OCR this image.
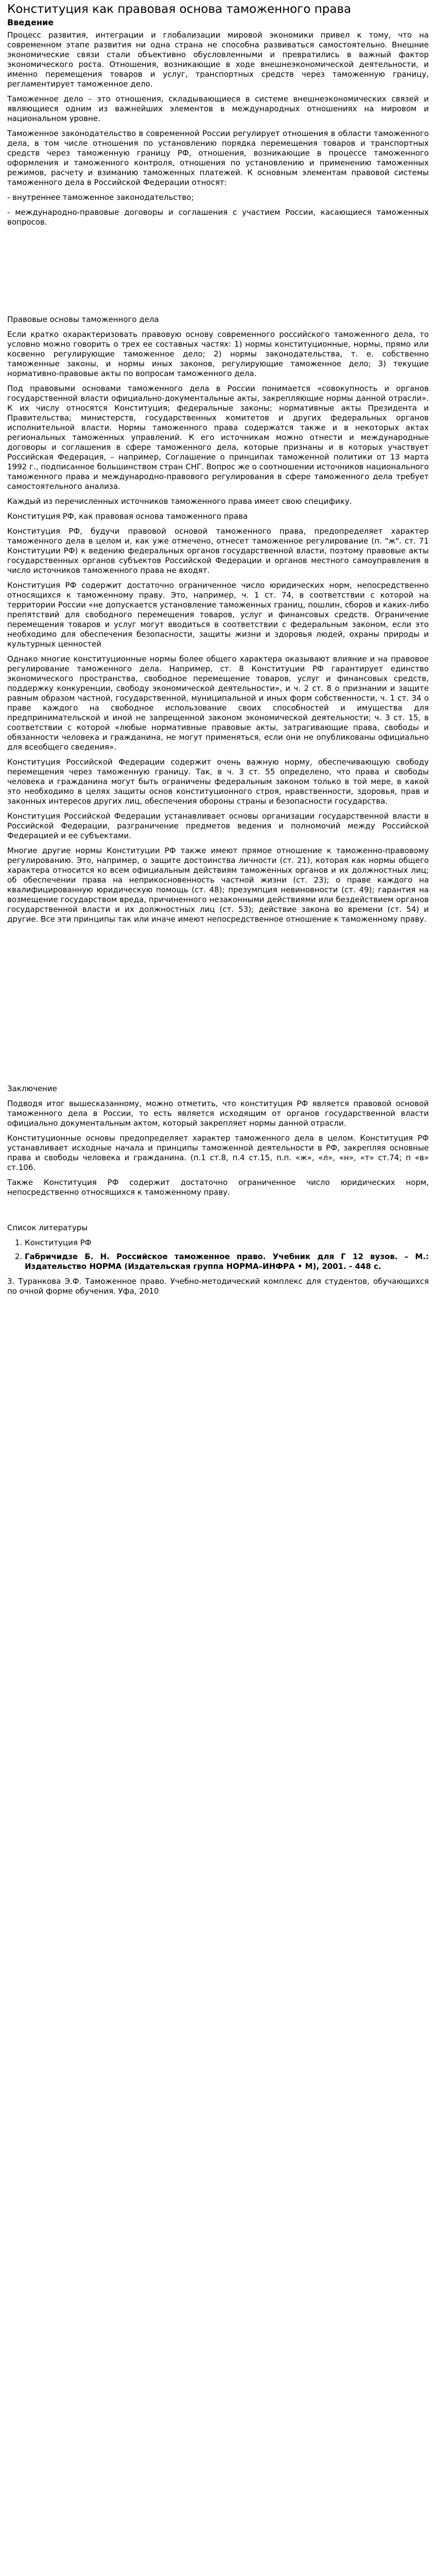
Конституция как правовая основа таможенного права
Введение

Процесс развития, интеграции и глобализации мировой экономики привел к тому, что на современном этапе развития ни одна страна не способна развиваться самостоятельно. Внешние экономические связи стали объективно обусловленными и превратились в важный фактор экономического роста. Отношения, возникающие в ходе внешнеэкономической деятельности, и именно перемещения товаров и услуг, транспортных средств через таможенную границу, регламентирует таможенное дело.

Таможенное дело – это отношения, складывающиеся в системе внешнеэкономических связей и являющиеся одним из важнейших элементов в международных отношениях на мировом и национальном уровне.

Таможенное законодательство в современной России регулирует отношения в области таможенного дела, в том числе отношения по установлению порядка перемещения товаров и транспортных средств через таможенную границу РФ, отношения, возникающие в процессе таможенного оформления и таможенного контроля, отношения по установлению и применению таможенных режимов, расчету и взиманию таможенных платежей. К основным элементам правовой системы таможенного дела в Российской Федерации относят:

- внутреннее таможенное законодательство;

- международно-правовые договоры и соглашения с участием России, касающиеся таможенных вопросов.

Правовые основы таможенного дела

Если кратко охарактеризовать правовую основу современного российского таможенного дела, то условно можно говорить о трех ее составных частях: 1) нормы конституционные, нормы, прямо или косвенно регулирующие таможенное дело; 2) нормы законодательства, т. е. собственно таможенные законы, и нормы иных законов, регулирующие таможенное дело; 3) текущие нормативно-правовые акты по вопросам таможенного дела.

Под правовыми основами таможенного дела в России понимается «совокупность и органов государственной власти официально-документальные акты, закрепляющие нормы данной отрасли». К их числу относятся Конституция; федеральные законы; нормативные акты Президента и Правительства; министерств, государственных комитетов и других федеральных органов исполнительной власти. Нормы таможенного права содержатся также и в некоторых актах региональных таможенных управлений. К его источникам можно отнести и международные договоры и соглашения в сфере таможенного дела, которые признаны и в которых участвует Российская Федерация, – например, Соглашение о принципах таможенной политики от 13 марта 1992 г., подписанное большинством стран СНГ. Вопрос же о соотношении источников национального таможенного права и международно-правового регулирования в сфере таможенного дела требует самостоятельного анализа.

Каждый из перечисленных источников таможенного права имеет свою специфику.

Конституция РФ, как правовая основа таможенного права

Конституция РФ, будучи правовой основой таможенного права, предопределяет характер таможенного дела в целом и, как уже отмечено, отнесет таможенное регулирование (п. "ж". ст. 71 Конституции РФ) к ведению федеральных органов государственной власти, поэтому правовые акты государственных органов субъектов Российской Федерации и органов местного самоуправления в число источников таможенного права не входят.

Конституция РФ содержит достаточно ограниченное число юридических норм, непосредственно относящихся к таможенному праву. Это, например, ч. 1 ст. 74, в соответствии с которой на территории России «не допускается установление таможенных границ, пошлин, сборов и каких-либо препятствий для свободного перемещения товаров, услуг и финансовых средств. Ограничение перемещения товаров и услуг могут вводиться в соответствии с федеральным законом, если это необходимо для обеспечения безопасности, защиты жизни и здоровья людей, охраны природы и культурных ценностей

Однако многие конституционные нормы более общего характера оказывают влияние и на правовое регулирование таможенного дела. Например, ст. 8 Конституции РФ гарантирует единство экономического пространства, свободное перемещение товаров, услуг и финансовых средств, поддержку конкуренции, свободу экономической деятельности», и ч. 2 ст. 8 о признании и защите равным образом частной, государственной, муниципальной и иных форм собственности, ч. 1 ст. 34 о праве каждого на свободное использование своих способностей и имущества для предпринимательской и иной не запрещенной законом экономической деятельности; ч. 3 ст. 15, в соответствии с которой «любые нормативные правовые акты, затрагивающие права, свободы и обязанности человека и гражданина, не могут применяться, если они не опубликованы официально для всеобщего сведения».

Конституция Российской Федерации содержит очень важную норму, обеспечивающую свободу перемещения через таможенную границу. Так, в ч. 3 ст. 55 определено, что права и свободы человека и гражданина могут быть ограничены федеральным законом только в той мере, в какой это необходимо в целях защиты основ конституционного строя, нравственности, здоровья, прав и законных интересов других лиц, обеспечения обороны страны и безопасности государства.

Конституция Российской Федерации устанавливает основы организации государственной власти в Российской Федерации, разграничение предметов ведения и полномочий между Российской Федерацией и ее субъектами.

Многие другие нормы Конституции РФ также имеют прямое отношение к таможенно-правовому регулированию. Это, например, о защите достоинства личности (ст. 21), которая как нормы общего характера относится ко всем официальным действиям таможенных органов и их должностных лиц; об обеспечении права на неприкосновенность частной жизни (ст. 23); о праве каждого на квалифицированную юридическую помощь (ст. 48); презумпция невиновности (ст. 49); гарантия на возмещение государством вреда, причиненного незаконными действиями или бездействием органов государственной власти и их должностных лиц (ст. 53); действие закона во времени (ст. 54) и другие. Все эти принципы так или иначе имеют непосредственное отношение к таможенному праву.

Заключение

Подводя итог вышесказанному, можно отметить, что конституция РФ является правовой основой таможенного дела в России, то есть является исходящим от органов государственной власти официально документальным актом, который закрепляет нормы данной отрасли.

Конституционные основы предопределяет характер таможенного дела в целом. Конституция РФ устанавливает исходные начала и принципы таможенной деятельности в РФ, закрепляя основные права и свободы человека и гражданина. (п.1 ст.8, п.4 ст.15, п.п. «ж», «л», «н», «т» ст.74; п «в» ст.106.

Также Конституция РФ содержит достаточно ограниченное число юридических норм, непосредственно относящихся к таможенному праву.

Список литературы

1. Конституция РФ
2. Габричидзе Б. Н. Российское таможенное право. Учебник для Г 12 вузов. – М.: Издательство НОРМА (Издательская группа НОРМА–ИНФРА • М), 2001. - 448 с.

3. Туранкова Э.Ф. Таможенное право. Учебно-методический комплекс для студентов, обучающихся по очной форме обучения. Уфа, 2010
